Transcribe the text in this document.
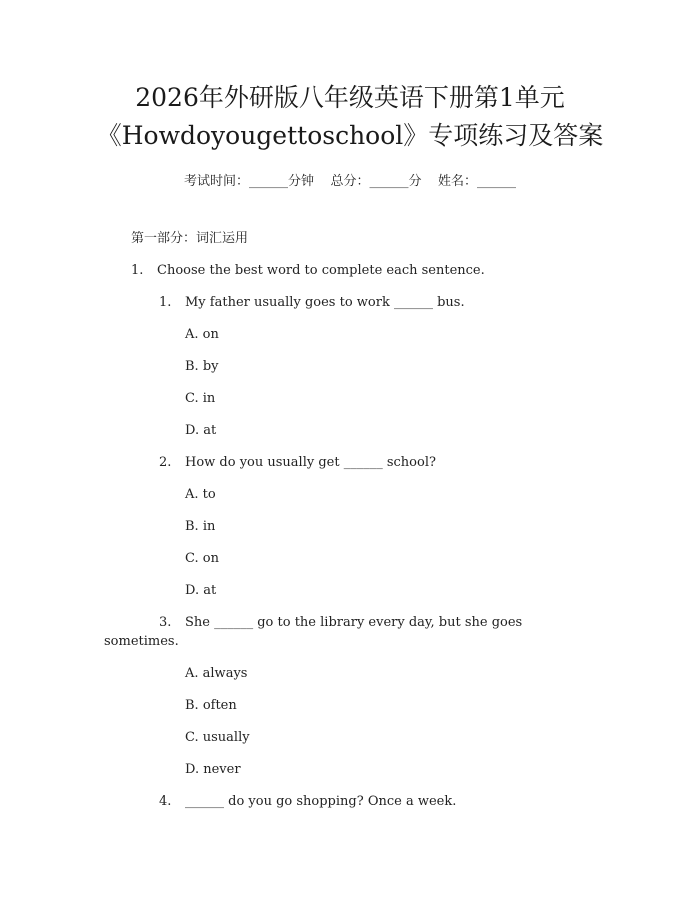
2026年外研版八年级英语下册第1单元
《Howdoyougettoschool》专项练习及答案
考试时间：______分钟    总分：______分    姓名：______
第一部分：词汇运用
1. Choose the best word to complete each sentence.
1. My father usually goes to work ______ bus.
A. on
B. by
C. in
D. at
2. How do you usually get ______ school?
A. to
B. in
C. on
D. at
3. She ______ go to the library every day, but she goes
sometimes.
A. always
B. often
C. usually
D. never
4. ______ do you go shopping? Once a week.
